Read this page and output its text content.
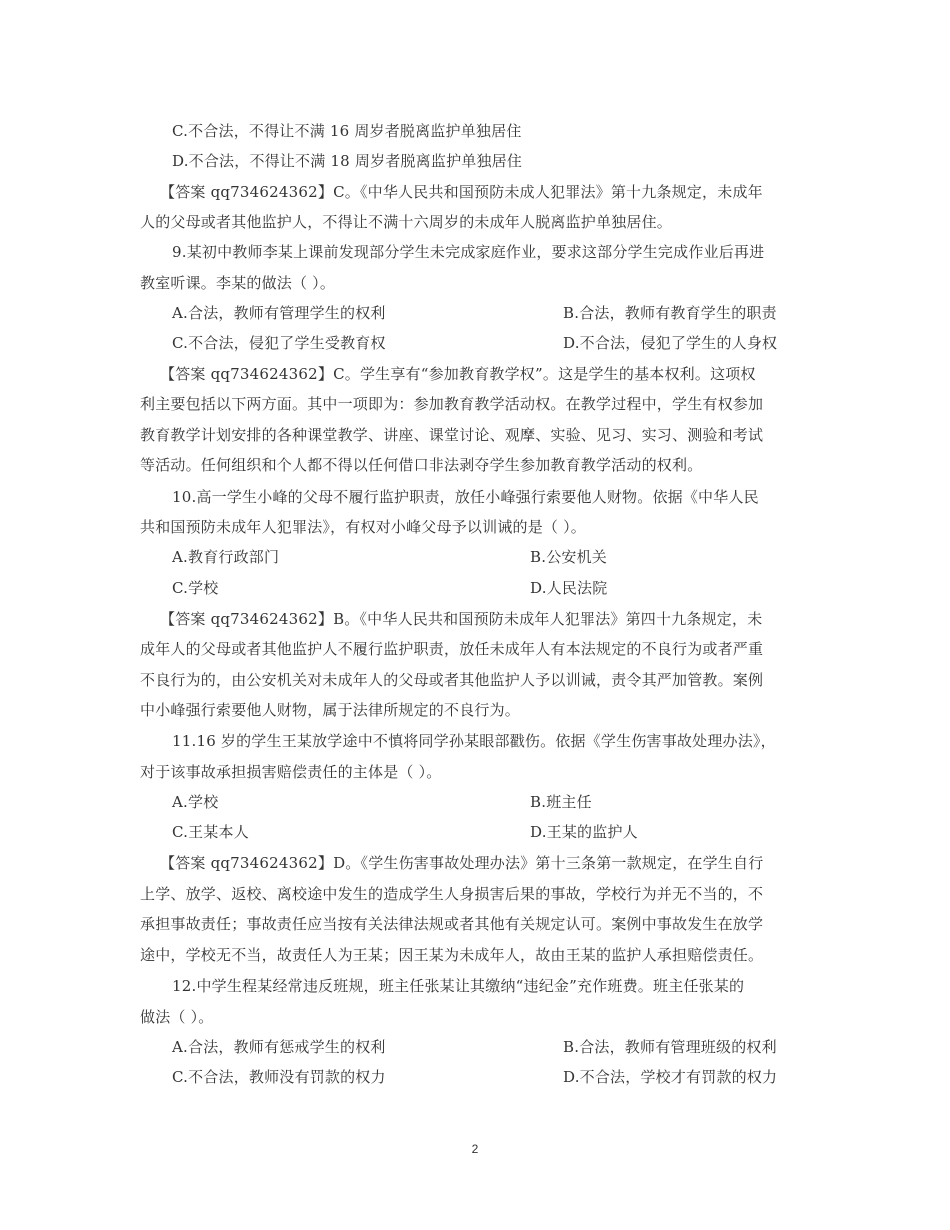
C.不合法，不得让不满 16 周岁者脱离监护单独居住
D.不合法，不得让不满 18 周岁者脱离监护单独居住
【答案 qq734624362】C。《中华人民共和国预防未成人犯罪法》第十九条规定，未成年
人的父母或者其他监护人，不得让不满十六周岁的未成年人脱离监护单独居住。
9.某初中教师李某上课前发现部分学生未完成家庭作业，要求这部分学生完成作业后再进
教室听课。李某的做法（ ）。
A.合法，教师有管理学生的权利	B.合法，教师有教育学生的职责
C.不合法，侵犯了学生受教育权	D.不合法，侵犯了学生的人身权
【答案 qq734624362】C。学生享有“参加教育教学权”。这是学生的基本权利。这项权
利主要包括以下两方面。其中一项即为：参加教育教学活动权。在教学过程中，学生有权参加
教育教学计划安排的各种课堂教学、讲座、课堂讨论、观摩、实验、见习、实习、测验和考试
等活动。任何组织和个人都不得以任何借口非法剥夺学生参加教育教学活动的权利。
10.高一学生小峰的父母不履行监护职责，放任小峰强行索要他人财物。依据《中华人民
共和国预防未成年人犯罪法》，有权对小峰父母予以训诫的是（ ）。
A.教育行政部门	B.公安机关
C.学校	D.人民法院
【答案 qq734624362】B。《中华人民共和国预防未成年人犯罪法》第四十九条规定，未
成年人的父母或者其他监护人不履行监护职责，放任未成年人有本法规定的不良行为或者严重
不良行为的，由公安机关对未成年人的父母或者其他监护人予以训诫，责令其严加管教。案例
中小峰强行索要他人财物，属于法律所规定的不良行为。
11.16 岁的学生王某放学途中不慎将同学孙某眼部戳伤。依据《学生伤害事故处理办法》，
对于该事故承担损害赔偿责任的主体是（ ）。
A.学校	B.班主任
C.王某本人	D.王某的监护人
【答案 qq734624362】D。《学生伤害事故处理办法》第十三条第一款规定，在学生自行
上学、放学、返校、离校途中发生的造成学生人身损害后果的事故，学校行为并无不当的，不
承担事故责任；事故责任应当按有关法律法规或者其他有关规定认可。案例中事故发生在放学
途中，学校无不当，故责任人为王某；因王某为未成年人，故由王某的监护人承担赔偿责任。
12.中学生程某经常违反班规，班主任张某让其缴纳“违纪金”充作班费。班主任张某的
做法（ ）。
A.合法，教师有惩戒学生的权利	B.合法，教师有管理班级的权利
C.不合法，教师没有罚款的权力	D.不合法，学校才有罚款的权力
2
